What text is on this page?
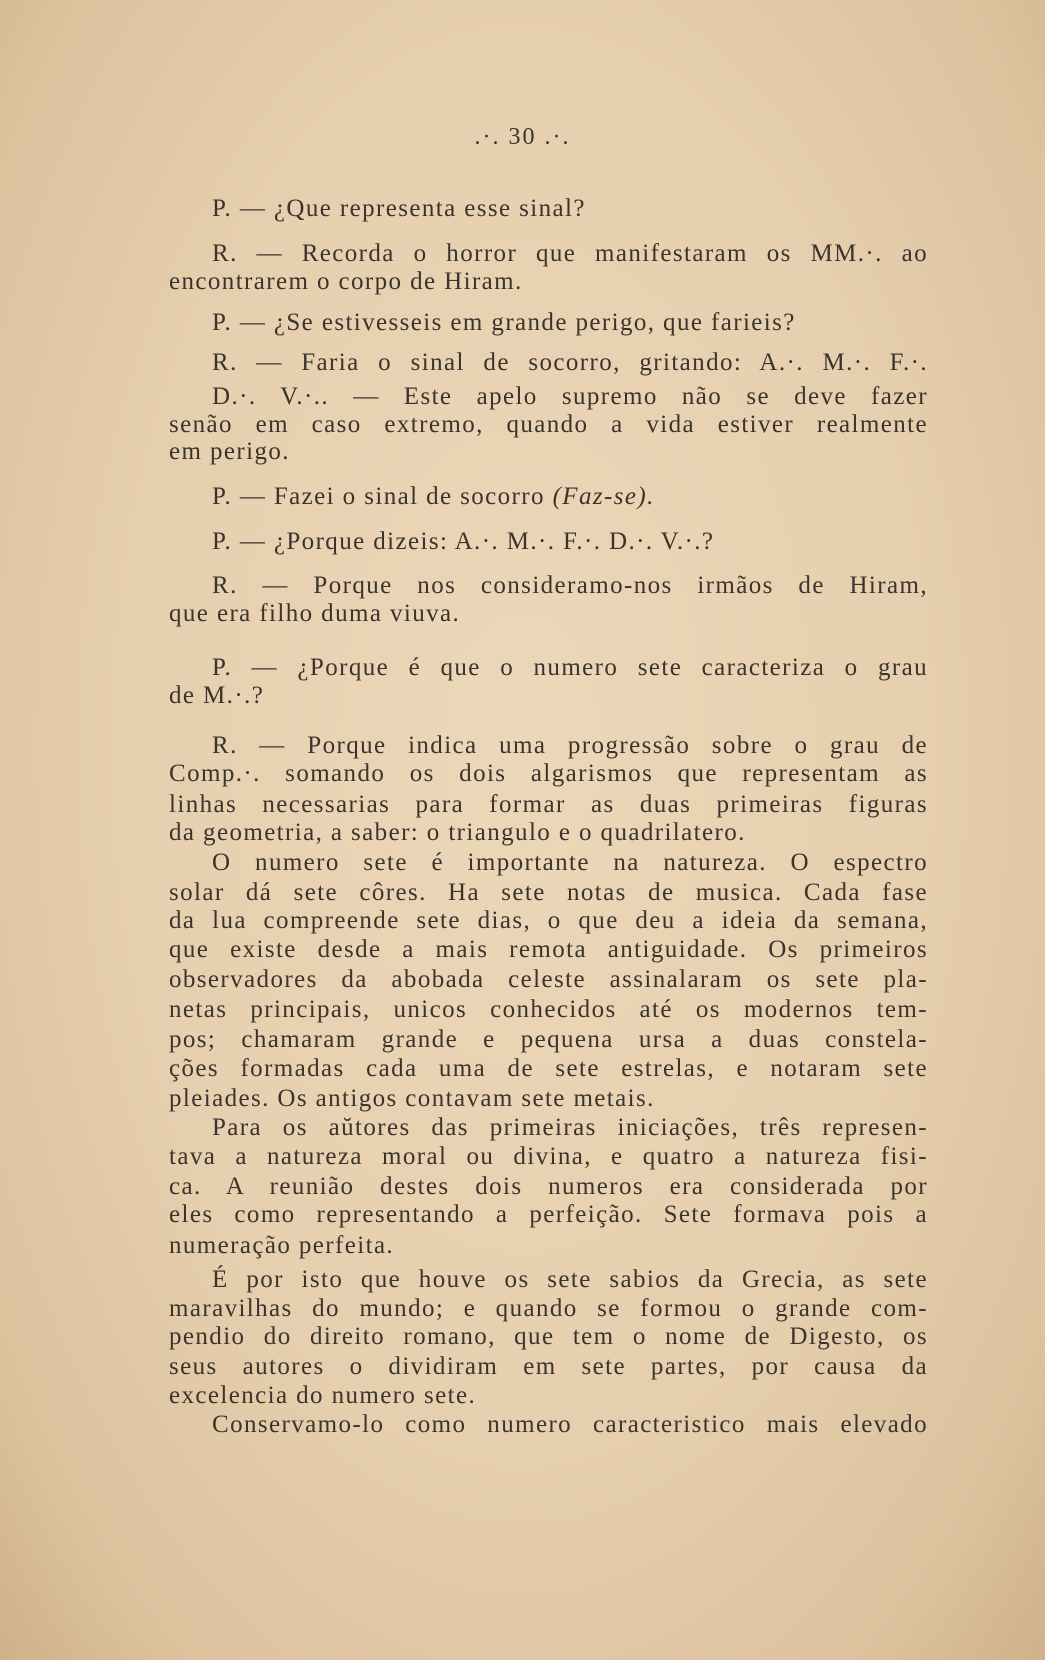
.·. 30 .·.
P. — ¿Que representa esse sinal?
R. — Recorda o horror que manifestaram os MM.·. ao
encontrarem o corpo de Hiram.
P. — ¿Se estivesseis em grande perigo, que farieis?
R. — Faria o sinal de socorro, gritando: A.·. M.·. F.·.
D.·. V.·.. — Este apelo supremo não se deve fazer
senão em caso extremo, quando a vida estiver realmente
em perigo.
P. — Fazei o sinal de socorro (Faz-se).
P. — ¿Porque dizeis: A.·. M.·. F.·. D.·. V.·.?
R. — Porque nos consideramo-nos irmãos de Hiram,
que era filho duma viuva.
P. — ¿Porque é que o numero sete caracteriza o grau
de M.·.?
R. — Porque indica uma progressão sobre o grau de
Comp.·. somando os dois algarismos que representam as
linhas necessarias para formar as duas primeiras figuras
da geometria, a saber: o triangulo e o quadrilatero.
O numero sete é importante na natureza. O espectro
solar dá sete côres. Ha sete notas de musica. Cada fase
da lua compreende sete dias, o que deu a ideia da semana,
que existe desde a mais remota antiguidade. Os primeiros
observadores da abobada celeste assinalaram os sete pla-
netas principais, unicos conhecidos até os modernos tem-
pos; chamaram grande e pequena ursa a duas constela-
ções formadas cada uma de sete estrelas, e notaram sete
pleiades. Os antigos contavam sete metais.
Para os aŭtores das primeiras iniciações, três represen-
tava a natureza moral ou divina, e quatro a natureza fisi-
ca. A reunião destes dois numeros era considerada por
eles como representando a perfeição. Sete formava pois a
numeração perfeita.
É por isto que houve os sete sabios da Grecia, as sete
maravilhas do mundo; e quando se formou o grande com-
pendio do direito romano, que tem o nome de Digesto, os
seus autores o dividiram em sete partes, por causa da
excelencia do numero sete.
Conservamo-lo como numero caracteristico mais elevado
